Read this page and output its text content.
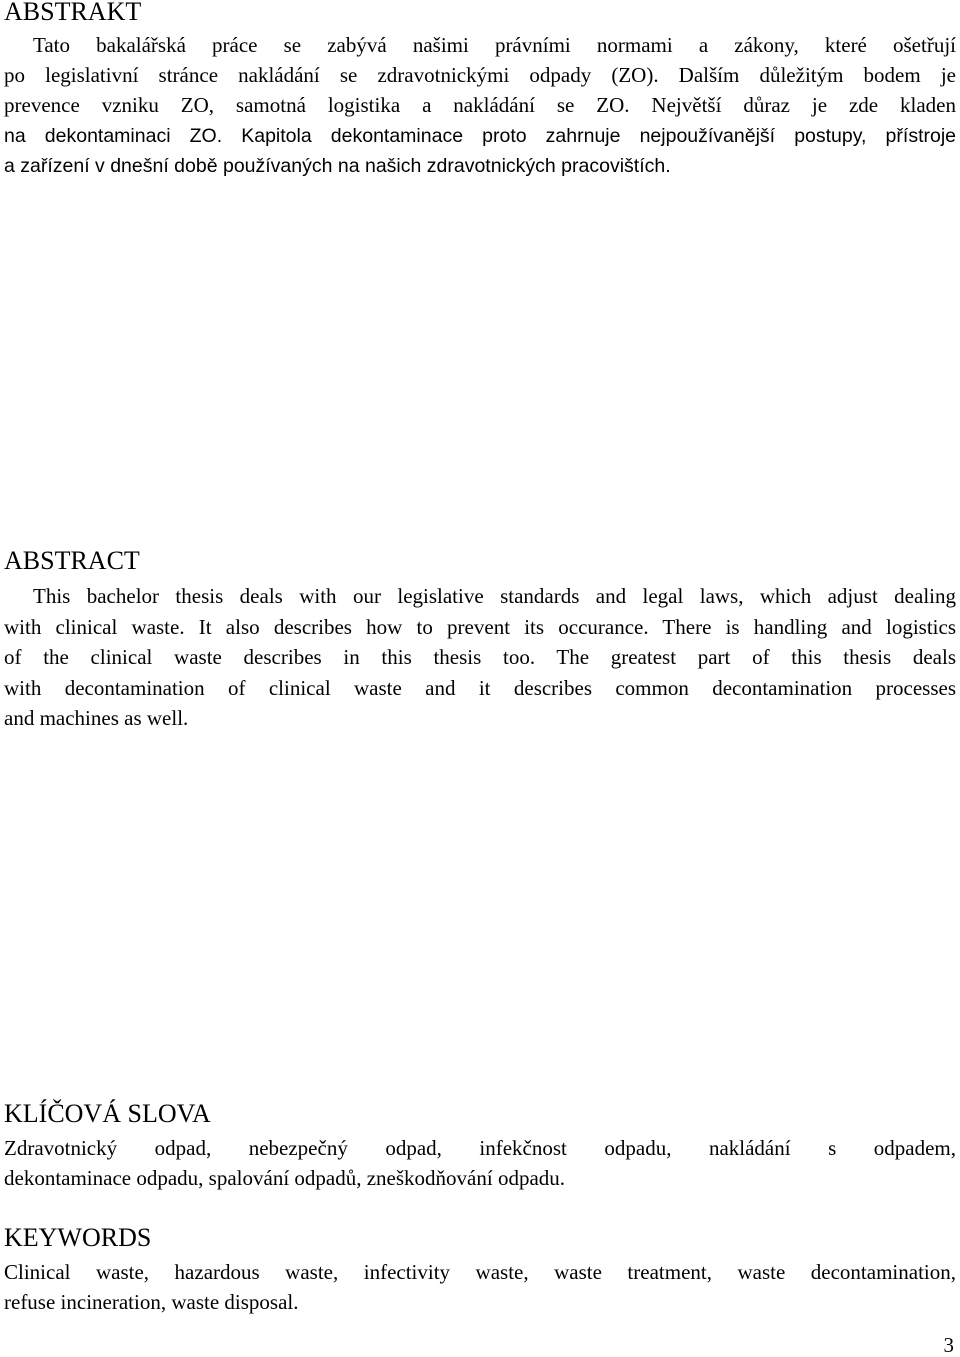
ABSTRAKT
Tato bakalářská práce se zabývá našimi právními normami a zákony, které ošetřují
po legislativní stránce nakládání se zdravotnickými odpady (ZO). Dalším důležitým bodem je
prevence vzniku ZO, samotná logistika a nakládání se ZO. Největší důraz je zde kladen
na dekontaminaci ZO. Kapitola dekontaminace proto zahrnuje nejpoužívanější postupy, přístroje
a zařízení v dnešní době používaných na našich zdravotnických pracovištích.
ABSTRACT
This bachelor thesis deals with our legislative standards and legal laws, which adjust dealing
with clinical waste. It also describes how to prevent its occurance. There is handling and logistics
of the clinical waste describes in this thesis too. The greatest part of this thesis deals
with decontamination of clinical waste and it describes common decontamination processes
and machines as well.
KLÍČOVÁ SLOVA
Zdravotnický odpad, nebezpečný odpad, infekčnost odpadu, nakládání s odpadem,
dekontaminace odpadu, spalování odpadů, zneškodňování odpadu.
KEYWORDS
Clinical waste, hazardous waste, infectivity waste, waste treatment, waste decontamination,
refuse incineration, waste disposal.
3
